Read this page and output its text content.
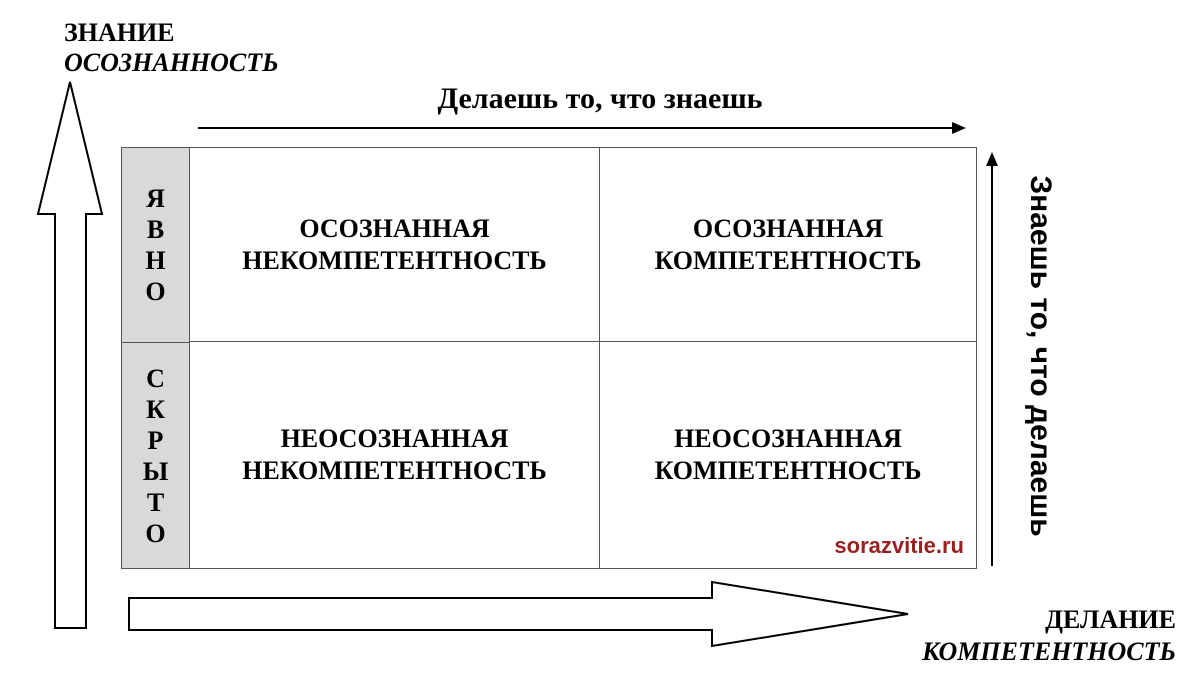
ЗНАНИЕ
ОСОЗНАННОСТЬ
Делаешь то, что знаешь
Знаешь то, что делаешь
Я
В
Н
О
С
К
Р
Ы
Т
О
ОСОЗНАННАЯ
НЕКОМПЕТЕНТНОСТЬ
ОСОЗНАННАЯ
КОМПЕТЕНТНОСТЬ
НЕОСОЗНАННАЯ
НЕКОМПЕТЕНТНОСТЬ
НЕОСОЗНАННАЯ
КОМПЕТЕНТНОСТЬ
sorazvitie.ru
ДЕЛАНИЕ
КОМПЕТЕНТНОСТЬ
